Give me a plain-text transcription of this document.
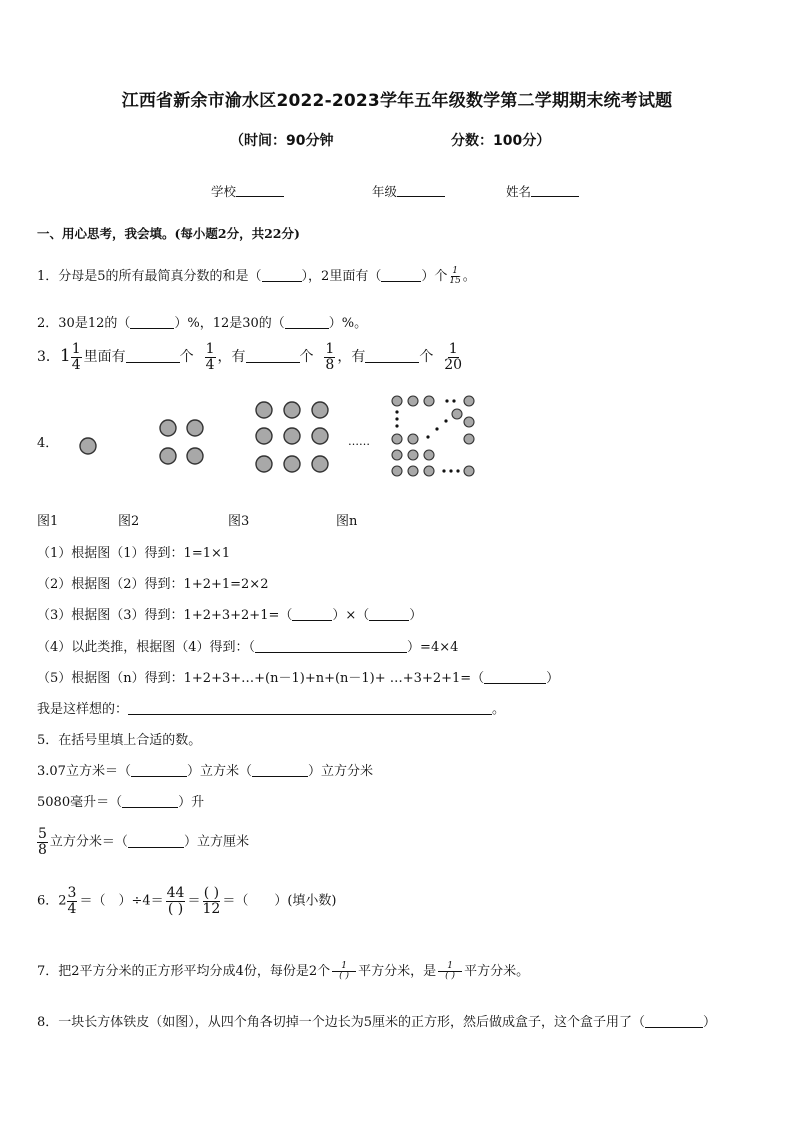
江西省新余市渝水区2022-2023学年五年级数学第二学期期末统考试题
（时间：90分钟	分数：100分）
学校	年级	姓名
一、用心思考，我会填。(每小题2分，共22分)
1．分母是5的所有最简真分数的和是（	），2里面有（	）个 $\frac{1}{15}$ 。
2．30是12的（	）%，12是30的（	）%。
3．$1 \frac{1}{4}$ 里面有	个 $\frac{1}{4}$ ，有	个 $\frac{1}{8}$ ，有	个 $\frac{1}{20}$
4．	……
图1	图2	图3	图n
（1）根据图（1）得到：1=1×1
（2）根据图（2）得到：1+2+1=2×2
（3）根据图（3）得到：1+2+3+2+1=（	）×（	）
（4）以此类推，根据图（4）得到：（	）=4×4
（5）根据图（n）得到：1+2+3+…+(n－1)+n+(n－1)+ …+3+2+1=（	）
我是这样想的：	。
5．在括号里填上合适的数。
3.07立方米＝（	）立方米（	）立方分米
5080毫升＝（	）升
$\frac{5}{8}$ 立方分米＝（	）立方厘米
6．$2 \frac{3}{4}$ ＝（　）$\div 4= \frac{44}{( )} = \frac{( )}{12}$ ＝（　　）(填小数)
7．把2平方分米的正方形平均分成4份，每份是2个 $\frac{1}{( )}$ 平方分米，是 $\frac{1}{( )}$ 平方分米。
8．一块长方体铁皮（如图），从四个角各切掉一个边长为5厘米的正方形，然后做成盒子，这个盒子用了（	）
